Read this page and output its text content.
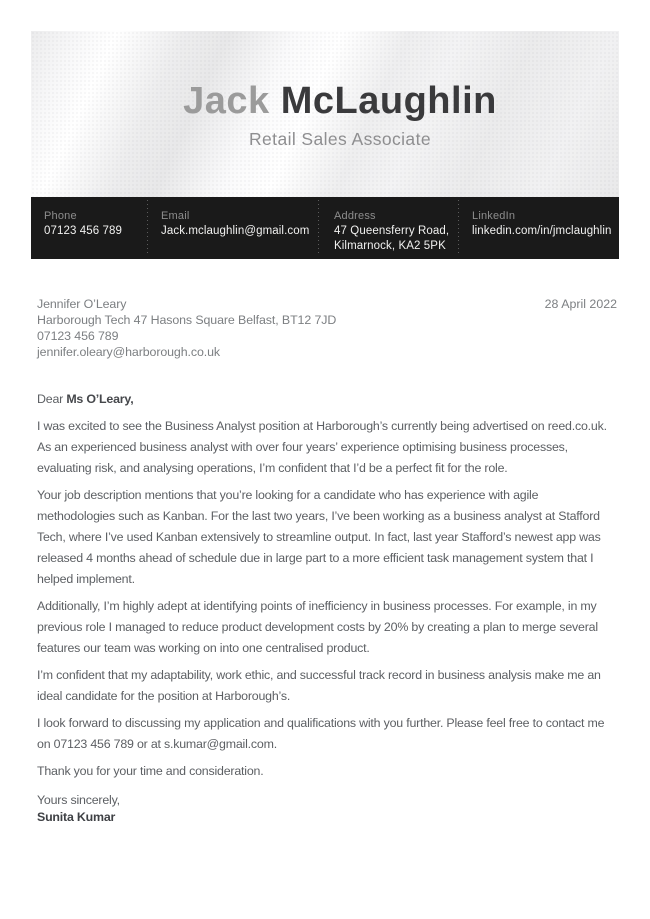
Jack McLaughlin
Retail Sales Associate
Phone
07123 456 789
Email
Jack.mclaughlin@gmail.com
Address
47 Queensferry Road,
Kilmarnock, KA2 5PK
LinkedIn
linkedin.com/in/jmclaughlin
Jennifer O’Leary
Harborough Tech 47 Hasons Square Belfast, BT12 7JD
07123 456 789
jennifer.oleary@harborough.co.uk
28 April 2022
Dear Ms O’Leary,

I was excited to see the Business Analyst position at Harborough’s currently being advertised on reed.co.uk. As an experienced business analyst with over four years’ experience optimising business processes, evaluating risk, and analysing operations, I’m confident that I’d be a perfect fit for the role.

Your job description mentions that you’re looking for a candidate who has experience with agile methodologies such as Kanban. For the last two years, I’ve been working as a business analyst at Stafford Tech, where I’ve used Kanban extensively to streamline output. In fact, last year Stafford’s newest app was released 4 months ahead of schedule due in large part to a more efficient task management system that I helped implement.

Additionally, I’m highly adept at identifying points of inefficiency in business processes. For example, in my previous role I managed to reduce product development costs by 20% by creating a plan to merge several features our team was working on into one centralised product.

I’m confident that my adaptability, work ethic, and successful track record in business analysis make me an ideal candidate for the position at Harborough’s.

I look forward to discussing my application and qualifications with you further. Please feel free to contact me on 07123 456 789 or at s.kumar@gmail.com.

Thank you for your time and consideration.

Yours sincerely,
Sunita Kumar
